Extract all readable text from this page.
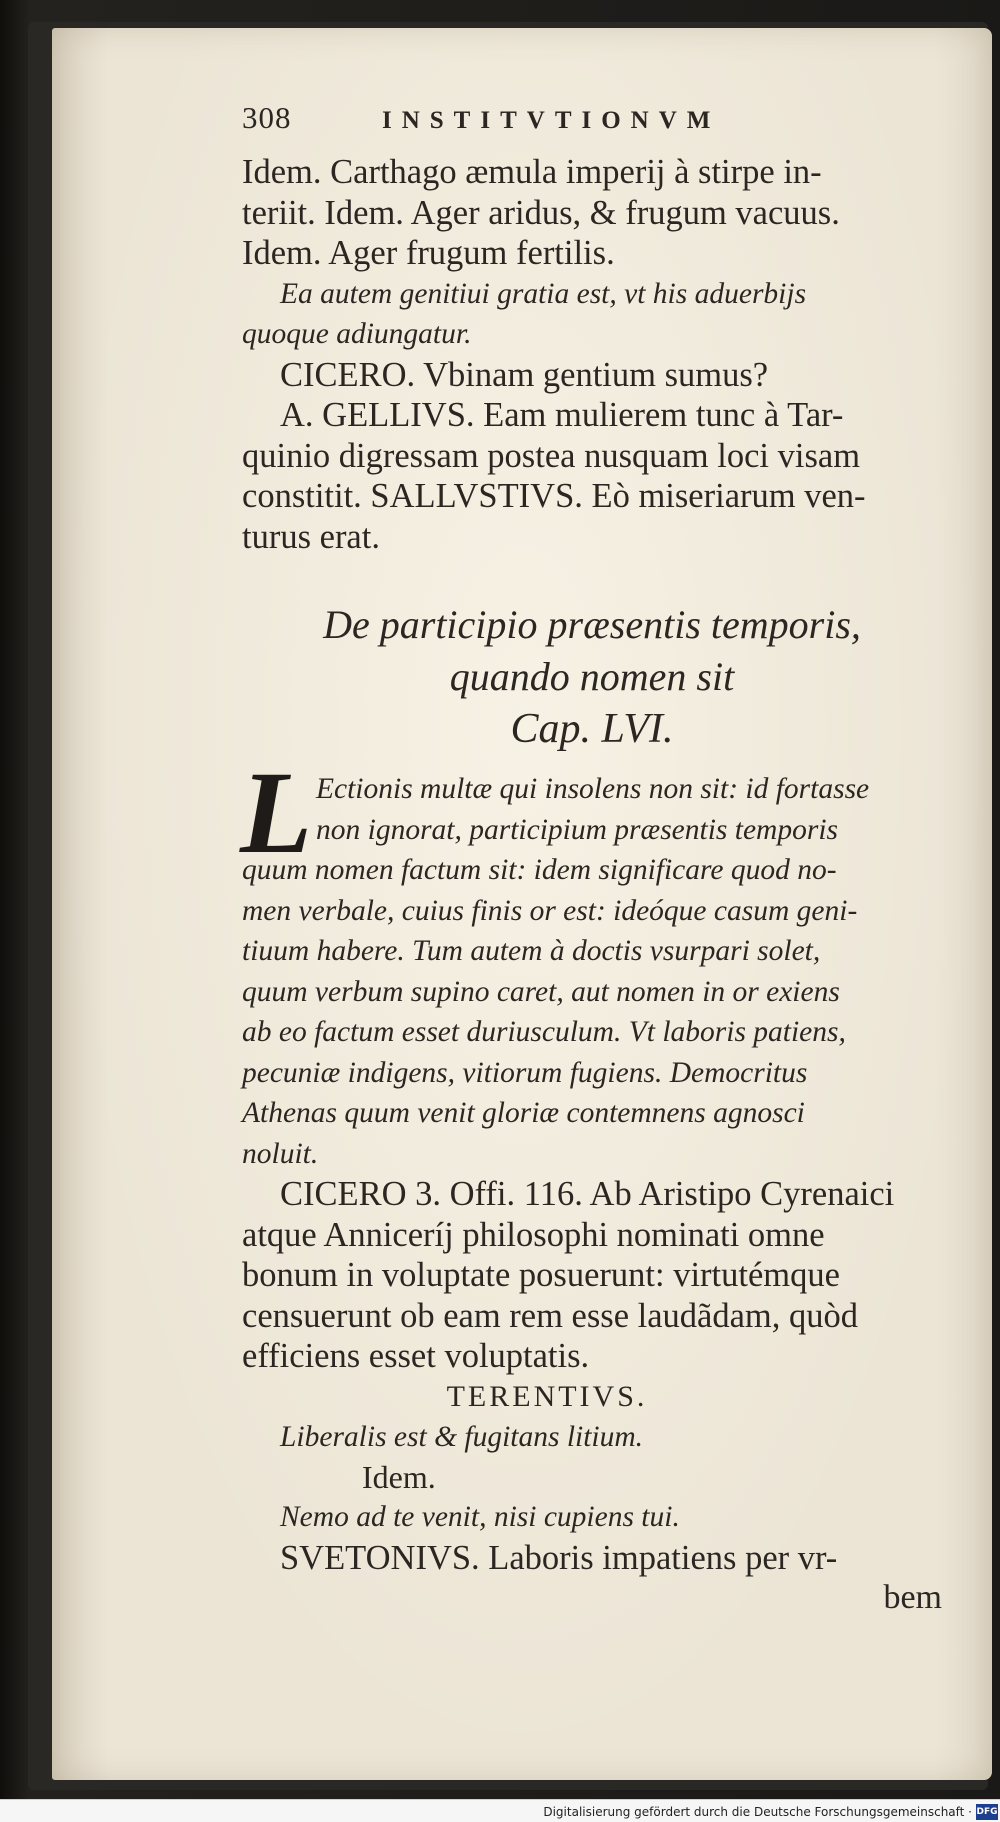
308	INSTITVTIONVM

Idem. Carthago æmula imperij à stirpe in-
teriit. Idem. Ager aridus, & frugum vacuus.
Idem. Ager frugum fertilis.

Ea autem genitiui gratia est, vt his aduerbijs
quoque adiungatur.

CICERO. Vbinam gentium sumus?

A. GELLIVS. Eam mulierem tunc à Tar-
quinio digressam postea nusquam loci visam
constitit. SALLVSTIVS. Eò miseriarum ven-
turus erat.

De participio præsentis temporis,
quando nomen sit
Cap. LVI.
L Ectionis multæ qui insolens non sit: id fortasse
non ignorat, participium præsentis temporis
quum nomen factum sit: idem significare quod no-
men verbale, cuius finis or est: ideóque casum geni-
tiuum habere. Tum autem à doctis vsurpari solet,
quum verbum supino caret, aut nomen in or exiens
ab eo factum esset duriusculum. Vt laboris patiens,
pecuniæ indigens, vitiorum fugiens. Democritus
Athenas quum venit gloriæ contemnens agnosci
noluit.

CICERO 3. Offi. 116. Ab Aristipo Cyrenaici
atque Anniceríj philosophi nominati omne
bonum in voluptate posuerunt: virtutémque
censuerunt ob eam rem esse laudãdam, quòd
efficiens esset voluptatis.

TERENTIVS.

Liberalis est & fugitans litium.

Idem.

Nemo ad te venit, nisi cupiens tui.

SVETONIVS. Laboris impatiens per vr-

bem
Digitalisierung gefördert durch die Deutsche Forschungsgemeinschaft · DFG
